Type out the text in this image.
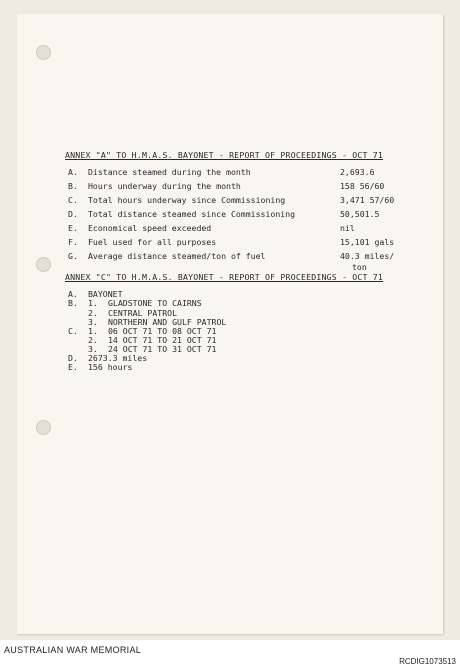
ANNEX "A" TO H.M.A.S. BAYONET - REPORT OF PROCEEDINGS - OCT 71
A. Distance steamed during the month	2,693.6
B. Hours underway during the month	158 56/60
C. Total hours underway since Commissioning	3,471 57/60
D. Total distance steamed since Commissioning	50,501.5
E. Economical speed exceeded	nil
F. Fuel used for all purposes	15,101 gals
G. Average distance steamed/ton of fuel	40.3 miles/
ton
ANNEX "C" TO H.M.A.S. BAYONET - REPORT OF PROCEEDINGS - OCT 71
A. BAYONET
B. 1. GLADSTONE TO CAIRNS
2. CENTRAL PATROL
3. NORTHERN AND GULF PATROL
C. 1. 06 OCT 71 TO 08 OCT 71
2. 14 OCT 71 TO 21 OCT 71
3. 24 OCT 71 TO 31 OCT 71
D. 2673.3 miles
E. 156 hours
AUSTRALIAN WAR MEMORIAL
RCDIG1073513
